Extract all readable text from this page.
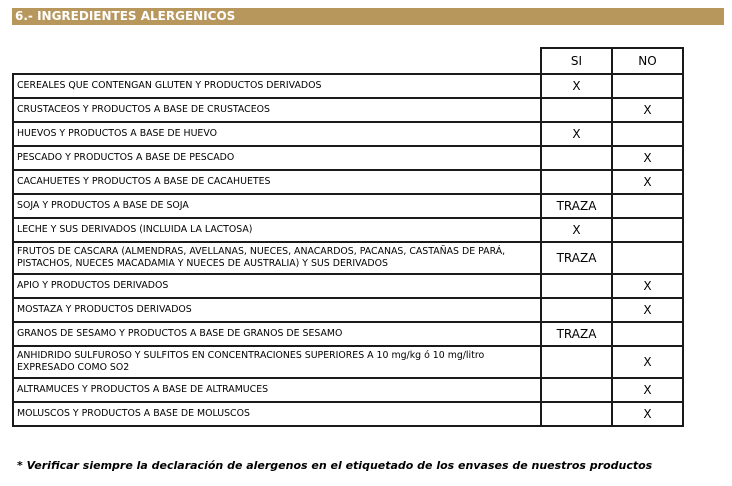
6.- INGREDIENTES ALERGENICOS
	SI	NO
CEREALES QUE CONTENGAN GLUTEN Y PRODUCTOS DERIVADOS	X	
CRUSTACEOS Y PRODUCTOS A BASE DE CRUSTACEOS		X
HUEVOS Y PRODUCTOS A BASE DE HUEVO	X	
PESCADO Y PRODUCTOS A BASE DE PESCADO		X
CACAHUETES Y PRODUCTOS A BASE DE CACAHUETES		X
SOJA Y PRODUCTOS A BASE DE SOJA	TRAZA	
LECHE Y SUS DERIVADOS (INCLUIDA LA LACTOSA)	X	
FRUTOS DE CASCARA (ALMENDRAS, AVELLANAS, NUECES, ANACARDOS, PACANAS, CASTAÑAS DE PARÁ, PISTACHOS, NUECES MACADAMIA Y NUECES DE AUSTRALIA) Y SUS DERIVADOS	TRAZA	
APIO Y PRODUCTOS DERIVADOS		X
MOSTAZA Y PRODUCTOS DERIVADOS		X
GRANOS DE SESAMO Y PRODUCTOS A BASE DE GRANOS DE SESAMO	TRAZA	
ANHIDRIDO SULFUROSO Y SULFITOS EN CONCENTRACIONES SUPERIORES A 10 mg/kg ó 10 mg/litro EXPRESADO COMO SO2		X
ALTRAMUCES Y PRODUCTOS A BASE DE ALTRAMUCES		X
MOLUSCOS Y PRODUCTOS A BASE DE MOLUSCOS		X
* Verificar siempre la declaración de alergenos en el etiquetado de los envases de nuestros productos
